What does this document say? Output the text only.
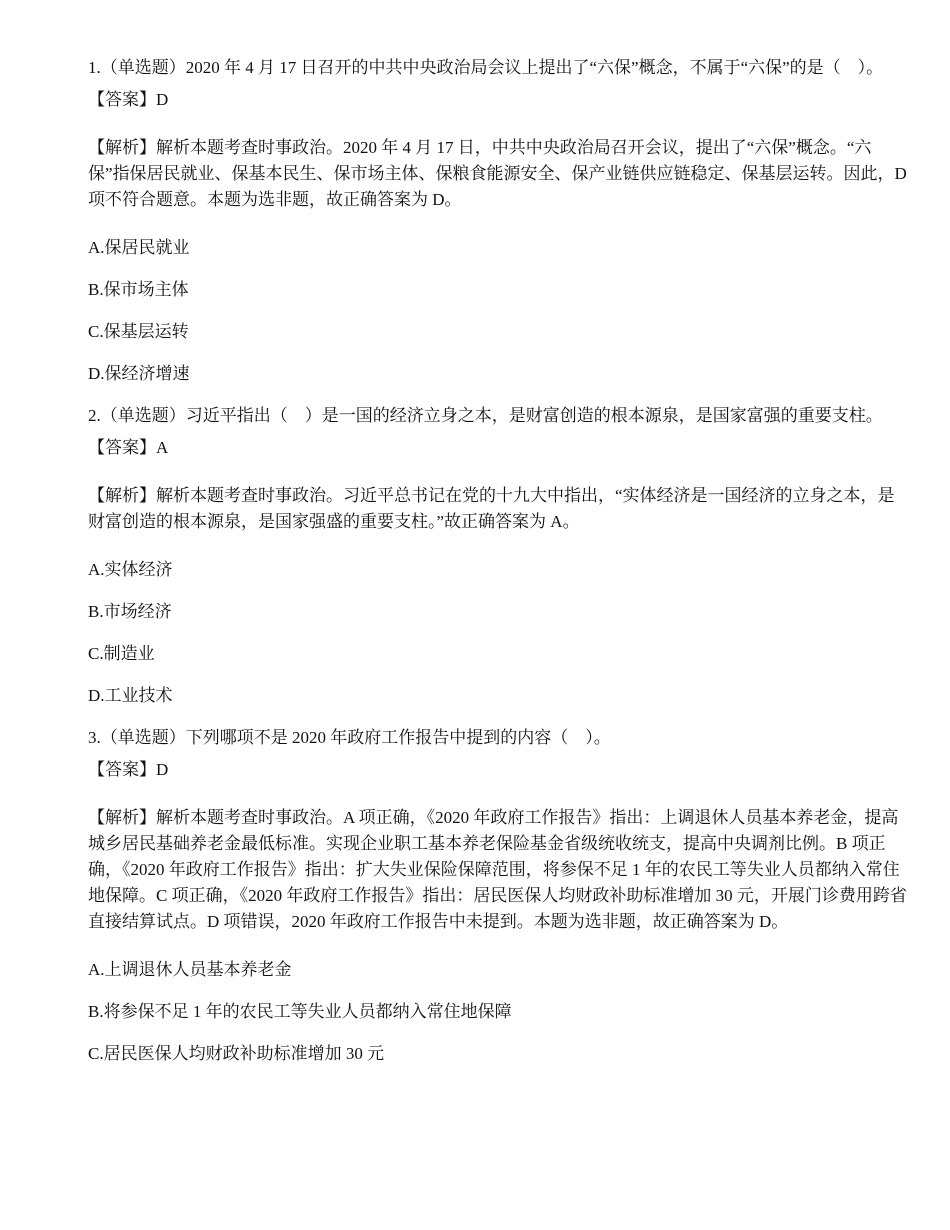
1.（单选题）2020 年 4 月 17 日召开的中共中央政治局会议上提出了“六保”概念，不属于“六保”的是（　）。

【答案】D

【解析】解析本题考查时事政治。2020 年 4 月 17 日，中共中央政治局召开会议，提出了“六保”概念。“六保”指保居民就业、保基本民生、保市场主体、保粮食能源安全、保产业链供应链稳定、保基层运转。因此，D 项不符合题意。本题为选非题，故正确答案为 D。

A.保居民就业

B.保市场主体

C.保基层运转

D.保经济增速

2.（单选题）习近平指出（　）是一国的经济立身之本，是财富创造的根本源泉，是国家富强的重要支柱。

【答案】A

【解析】解析本题考查时事政治。习近平总书记在党的十九大中指出，“实体经济是一国经济的立身之本，是财富创造的根本源泉，是国家强盛的重要支柱。”故正确答案为 A。

A.实体经济

B.市场经济

C.制造业

D.工业技术

3.（单选题）下列哪项不是 2020 年政府工作报告中提到的内容（　）。

【答案】D

【解析】解析本题考查时事政治。A 项正确，《2020 年政府工作报告》指出：上调退休人员基本养老金，提高城乡居民基础养老金最低标准。实现企业职工基本养老保险基金省级统收统支，提高中央调剂比例。B 项正确，《2020 年政府工作报告》指出：扩大失业保险保障范围，将参保不足 1 年的农民工等失业人员都纳入常住地保障。C 项正确，《2020 年政府工作报告》指出：居民医保人均财政补助标准增加 30 元，开展门诊费用跨省直接结算试点。D 项错误，2020 年政府工作报告中未提到。本题为选非题，故正确答案为 D。

A.上调退休人员基本养老金

B.将参保不足 1 年的农民工等失业人员都纳入常住地保障

C.居民医保人均财政补助标准增加 30 元
